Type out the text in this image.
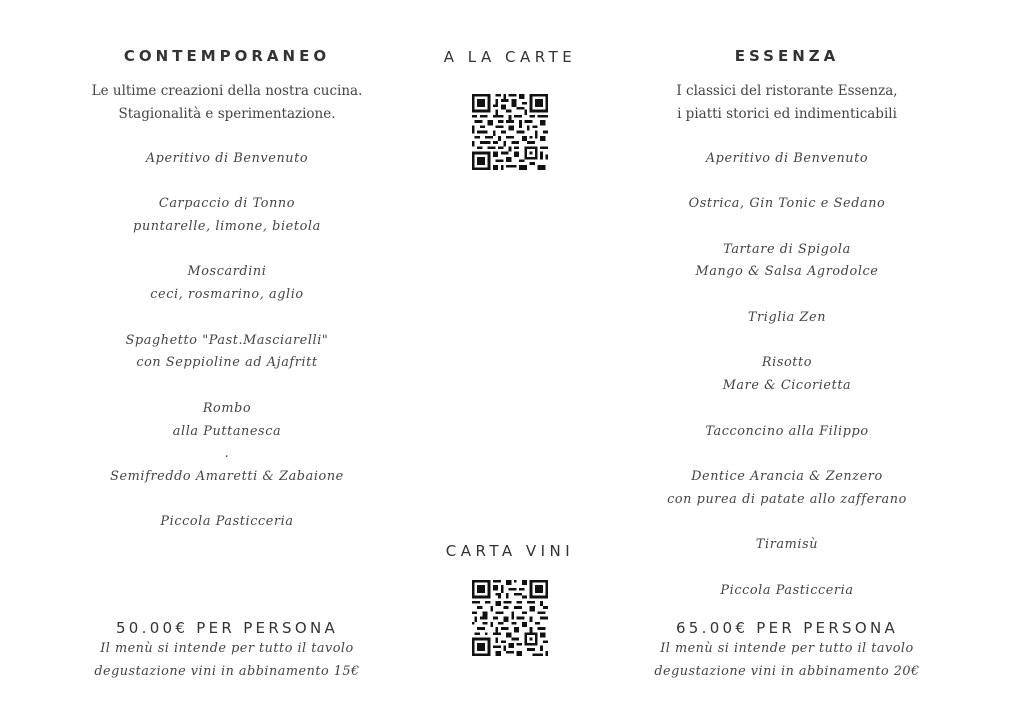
CONTEMPORANEO
Le ultime creazioni della nostra cucina.
Stagionalità e sperimentazione.
Aperitivo di Benvenuto
Carpaccio di Tonno
puntarelle, limone, bietola
Moscardini
ceci, rosmarino, aglio
Spaghetto "Past.Masciarelli"
con Seppioline ad Ajafritt
Rombo
alla Puttanesca
.
Semifreddo Amaretti & Zabaione
Piccola Pasticceria
50.00€ PER PERSONA
Il menù si intende per tutto il tavolo
degustazione vini in abbinamento 15€
A LA CARTE
CARTA VINI
ESSENZA
I classici del ristorante Essenza,
i piatti storici ed indimenticabili
Aperitivo di Benvenuto
Ostrica, Gin Tonic e Sedano
Tartare di Spigola
Mango & Salsa Agrodolce
Triglia Zen
Risotto
Mare & Cicorietta
Tacconcino alla Filippo
Dentice Arancia & Zenzero
con purea di patate allo zafferano
Tiramisù
Piccola Pasticceria
65.00€ PER PERSONA
Il menù si intende per tutto il tavolo
degustazione vini in abbinamento 20€
